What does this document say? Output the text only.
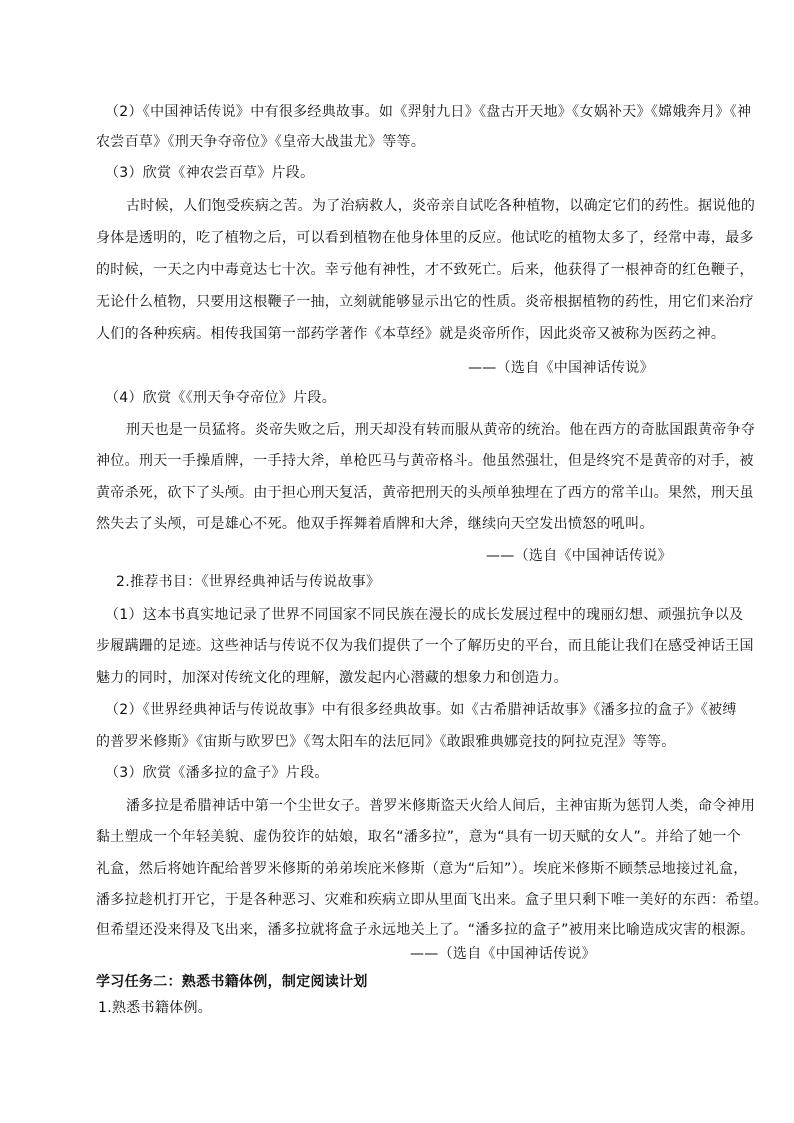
（2）《中国神话传说》中有很多经典故事。如《羿射九日》《盘古开天地》《女娲补天》《嫦娥奔月》《神
农尝百草》《刑天争夺帝位》《皇帝大战蚩尤》等等。
（3）欣赏《神农尝百草》片段。
古时候，人们饱受疾病之苦。为了治病救人，炎帝亲自试吃各种植物，以确定它们的药性。据说他的
身体是透明的，吃了植物之后，可以看到植物在他身体里的反应。他试吃的植物太多了，经常中毒，最多
的时候，一天之内中毒竟达七十次。幸亏他有神性，才不致死亡。后来，他获得了一根神奇的红色鞭子，
无论什么植物，只要用这根鞭子一抽，立刻就能够显示出它的性质。炎帝根据植物的药性，用它们来治疗
人们的各种疾病。相传我国第一部药学著作《本草经》就是炎帝所作，因此炎帝又被称为医药之神。
——（选自《中国神话传说》
（4）欣赏《《刑天争夺帝位》片段。
刑天也是一员猛将。炎帝失败之后，刑天却没有转而服从黄帝的统治。他在西方的奇肱国跟黄帝争夺
神位。刑天一手操盾牌，一手持大斧，单枪匹马与黄帝格斗。他虽然强壮，但是终究不是黄帝的对手，被
黄帝杀死，砍下了头颅。由于担心刑天复活，黄帝把刑天的头颅单独埋在了西方的常羊山。果然，刑天虽
然失去了头颅，可是雄心不死。他双手挥舞着盾牌和大斧，继续向天空发出愤怒的吼叫。
——（选自《中国神话传说》
2.推荐书目：《世界经典神话与传说故事》
（1）这本书真实地记录了世界不同国家不同民族在漫长的成长发展过程中的瑰丽幻想、顽强抗争以及
步履蹒跚的足迹。这些神话与传说不仅为我们提供了一个了解历史的平台，而且能让我们在感受神话王国
魅力的同时，加深对传统文化的理解，激发起内心潜藏的想象力和创造力。
（2）《世界经典神话与传说故事》中有很多经典故事。如《古希腊神话故事》《潘多拉的盒子》《被缚
的普罗米修斯》《宙斯与欧罗巴》《驾太阳车的法厄同》《敢跟雅典娜竞技的阿拉克涅》等等。
（3）欣赏《潘多拉的盒子》片段。
潘多拉是希腊神话中第一个尘世女子。普罗米修斯盗天火给人间后，主神宙斯为惩罚人类，命令神用
黏土塑成一个年轻美貌、虚伪狡诈的姑娘，取名“潘多拉”，意为“具有一切天赋的女人”。并给了她一个
礼盒，然后将她许配给普罗米修斯的弟弟埃庇米修斯（意为“后知”）。埃庇米修斯不顾禁忌地接过礼盒，
潘多拉趁机打开它，于是各种恶习、灾难和疾病立即从里面飞出来。盒子里只剩下唯一美好的东西：希望。
但希望还没来得及飞出来，潘多拉就将盒子永远地关上了。“潘多拉的盒子”被用来比喻造成灾害的根源。
——（选自《中国神话传说》
学习任务二：熟悉书籍体例，制定阅读计划
1.熟悉书籍体例。
